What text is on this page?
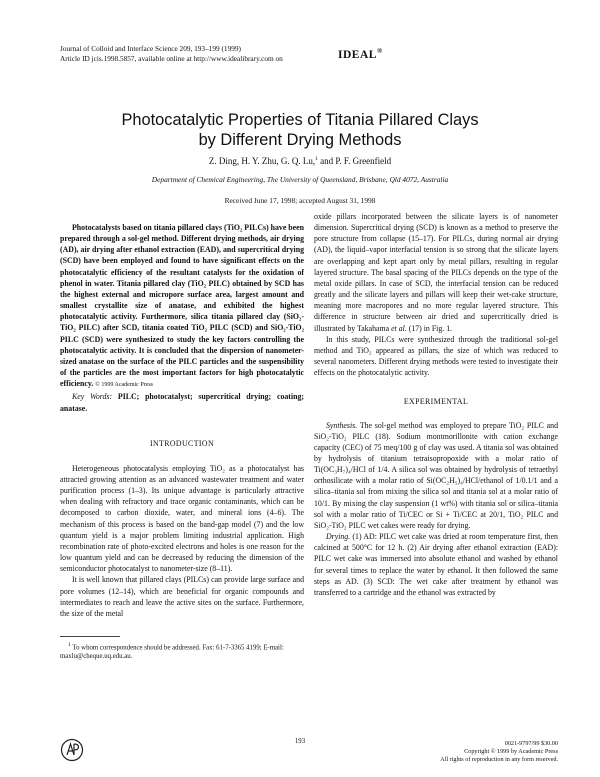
Journal of Colloid and Interface Science 209, 193–199 (1999)
Article ID jcis.1998.5857, available online at http://www.idealibrary.com on	IDEAL®
Photocatalytic Properties of Titania Pillared Clays
by Different Drying Methods
Z. Ding, H. Y. Zhu, G. Q. Lu,$^1$ and P. F. Greenfield
Department of Chemical Engineering, The University of Queensland, Brisbane, Qld 4072, Australia
Received June 17, 1998; accepted August 31, 1998

Photocatalysts based on titania pillared clays (TiO₂ PILCs) have been prepared through a sol-gel method. Different drying methods, air drying (AD), air drying after ethanol extraction (EAD), and supercritical drying (SCD) have been employed and found to have significant effects on the photocatalytic efficiency of the resultant catalysts for the oxidation of phenol in water. Titania pillared clay (TiO₂ PILC) obtained by SCD has the highest external and micropore surface area, largest amount and smallest crystallite size of anatase, and exhibited the highest photocatalytic activity. Furthermore, silica titania pillared clay (SiO₂-TiO₂ PILC) after SCD, titania coated TiO₂ PILC (SCD) and SiO₂-TiO₂ PILC (SCD) were synthesized to study the key factors controlling the photocatalytic activity. It is concluded that the dispersion of nanometer-sized anatase on the surface of the PILC particles and the suspensibility of the particles are the most important factors for high photocatalytic efficiency. © 1999 Academic Press

Key Words: PILC; photocatalyst; supercritical drying; coating; anatase.

INTRODUCTION

Heterogeneous photocatalysis employing TiO₂ as a photocatalyst has attracted growing attention as an advanced wastewater treatment and water purification process (1–3). Its unique advantage is particularly attractive when dealing with refractory and trace organic contaminants, which can be decomposed to carbon dioxide, water, and mineral ions (4–6). The mechanism of this process is based on the band-gap model (7) and the low quantum yield is a major problem limiting industrial application. High recombination rate of photo-excited electrons and holes is one reason for the low quantum yield and can be decreased by reducing the dimension of the semiconductor photocatalyst to nanometer-size (8–11).

It is well known that pillared clays (PILCs) can provide large surface and pore volumes (12–14), which are beneficial for organic compounds and intermediates to reach and leave the active sites on the surface. Furthermore, the size of the metal

$^1$ To whom correspondence should be addressed. Fax: 61-7-3365 4199; E-mail: maxlu@cheque.uq.edu.au.

oxide pillars incorporated between the silicate layers is of nanometer dimension. Supercritical drying (SCD) is known as a method to preserve the pore structure from collapse (15–17). For PILCs, during normal air drying (AD), the liquid–vapor interfacial tension is so strong that the silicate layers are overlapping and kept apart only by metal pillars, resulting in regular layered structure. The basal spacing of the PILCs depends on the type of the metal oxide pillars. In case of SCD, the interfacial tension can be reduced greatly and the silicate layers and pillars will keep their wet-cake structure, meaning more macropores and no more regular layered structure. This difference in structure between air dried and supercritically dried is illustrated by Takahama et al. (17) in Fig. 1.

In this study, PILCs were synthesized through the traditional sol-gel method and TiO₂ appeared as pillars, the size of which was reduced to several nanometers. Different drying methods were tested to investigate their effects on the photocatalytic activity.

EXPERIMENTAL

Synthesis. The sol-gel method was employed to prepare TiO₂ PILC and SiO₂-TiO₂ PILC (18). Sodium montmorillonite with cation exchange capacity (CEC) of 75 meq/100 g of clay was used. A titania sol was obtained by hydrolysis of titanium tetraisopropoxide with a molar ratio of Ti(OC₃H₇)₄/HCl of 1/4. A silica sol was obtained by hydrolysis of tetraethyl orthosilicate with a molar ratio of Si(OC₂H₅)₄/HCl/ethanol of 1/0.1/1 and a silica–titania sol from mixing the silica sol and titania sol at a molar ratio of 10/1. By mixing the clay suspension (1 wt%) with titania sol or silica–titania sol with a molar ratio of Ti/CEC or Si + Ti/CEC at 20/1, TiO₂ PILC and SiO₂-TiO₂ PILC wet cakes were ready for drying.

Drying. (1) AD: PILC wet cake was dried at room temperature first, then calcined at 500°C for 12 h. (2) Air drying after ethanol extraction (EAD): PILC wet cake was immersed into absolute ethanol and washed by ethanol for several times to replace the water by ethanol. It then followed the same steps as AD. (3) SCD: The wet cake after treatment by ethanol was transferred to a cartridge and the ethanol was extracted by

193	0021-9797/99 $30.00
Copyright © 1999 by Academic Press
All rights of reproduction in any form reserved.
